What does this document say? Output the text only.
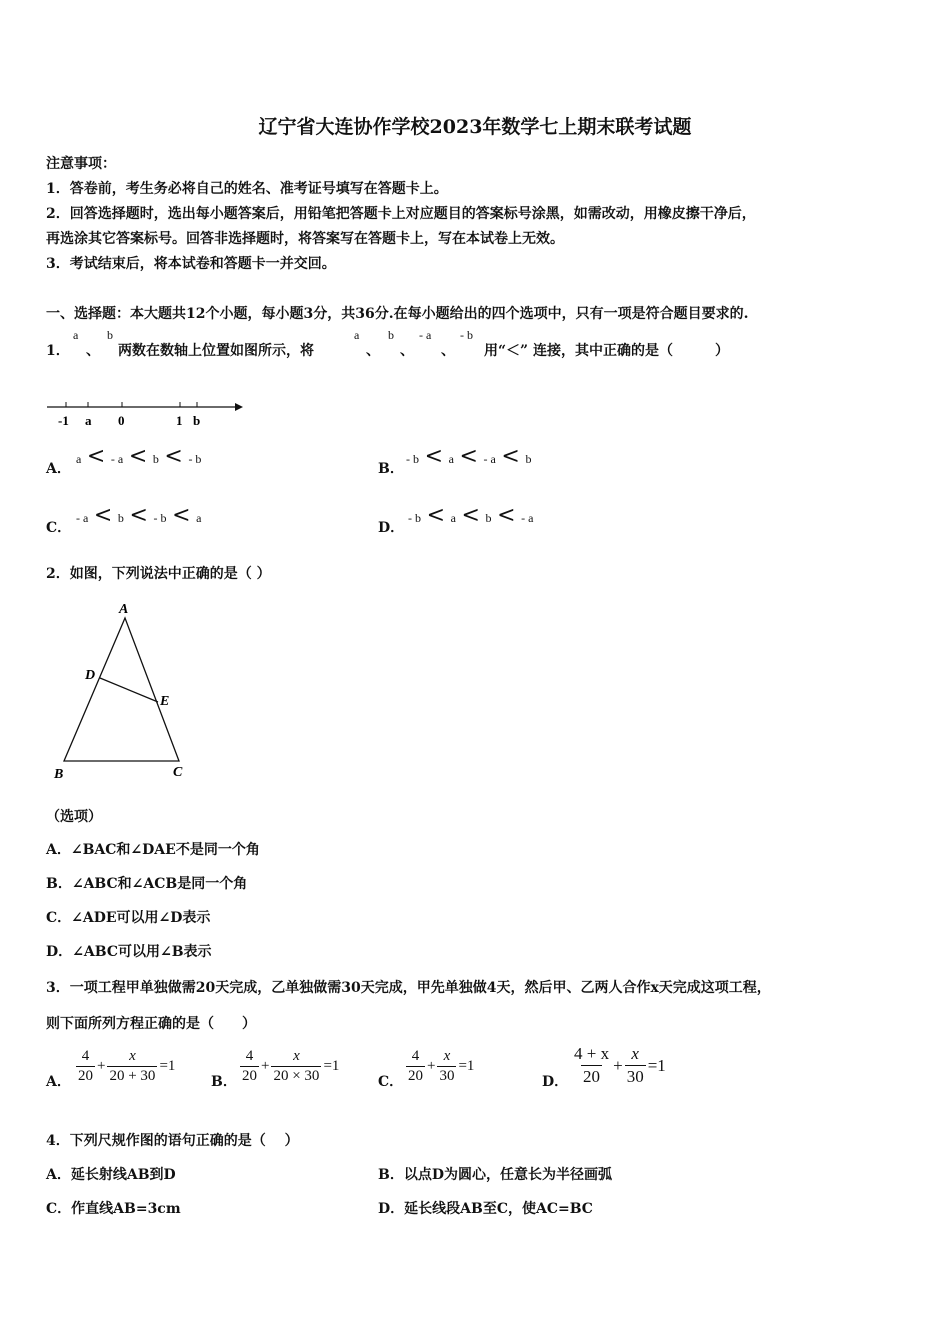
辽宁省大连协作学校2023年数学七上期末联考试题
注意事项：
1．答卷前，考生务必将自己的姓名、准考证号填写在答题卡上。
2．回答选择题时，选出每小题答案后，用铅笔把答题卡上对应题目的答案标号涂黑，如需改动，用橡皮擦干净后，
再选涂其它答案标号。回答非选择题时，将答案写在答题卡上，写在本试卷上无效。
3．考试结束后，将本试卷和答题卡一并交回。
一、选择题：本大题共12个小题，每小题3分，共36分.在每小题给出的四个选项中，只有一项是符合题目要求的.
1．
a
、
b
两数在数轴上位置如图所示，将
a
、
b
、
- a
、
- b
用“＜” 连接，其中正确的是（　　　）
-1 a 0	1 b
A．
a < - a < b < - b
B．
- b < a < - a < b
C．
- a < b < - b < a
D．
- b < a < b < - a
2．如图，下列说法中正确的是（ ）
A
D
E
B	C
（选项）
A．∠BAC和∠DAE不是同一个角
B．∠ABC和∠ACB是同一个角
C．∠ADE可以用∠D表示
D．∠ABC可以用∠B表示
3．一项工程甲单独做需20天完成，乙单独做需30天完成，甲先单独做4天，然后甲、乙两人合作x天完成这项工程，
则下面所列方程正确的是（　　）
A． $\frac{4}{20} + \frac{x}{20 + 30} =1$
B． $\frac{4}{20} + \frac{x}{20 \times 30} =1$
C． $\frac{4}{20} + \frac{x}{30} =1$
D． $\frac{4 + x}{20} + \frac{x}{30} =1$
4．下列尺规作图的语句正确的是（　 ）
A．延长射线AB到D	B．以点D为圆心，任意长为半径画弧
C．作直线AB=3cm	D．延长线段AB至C，使AC=BC
